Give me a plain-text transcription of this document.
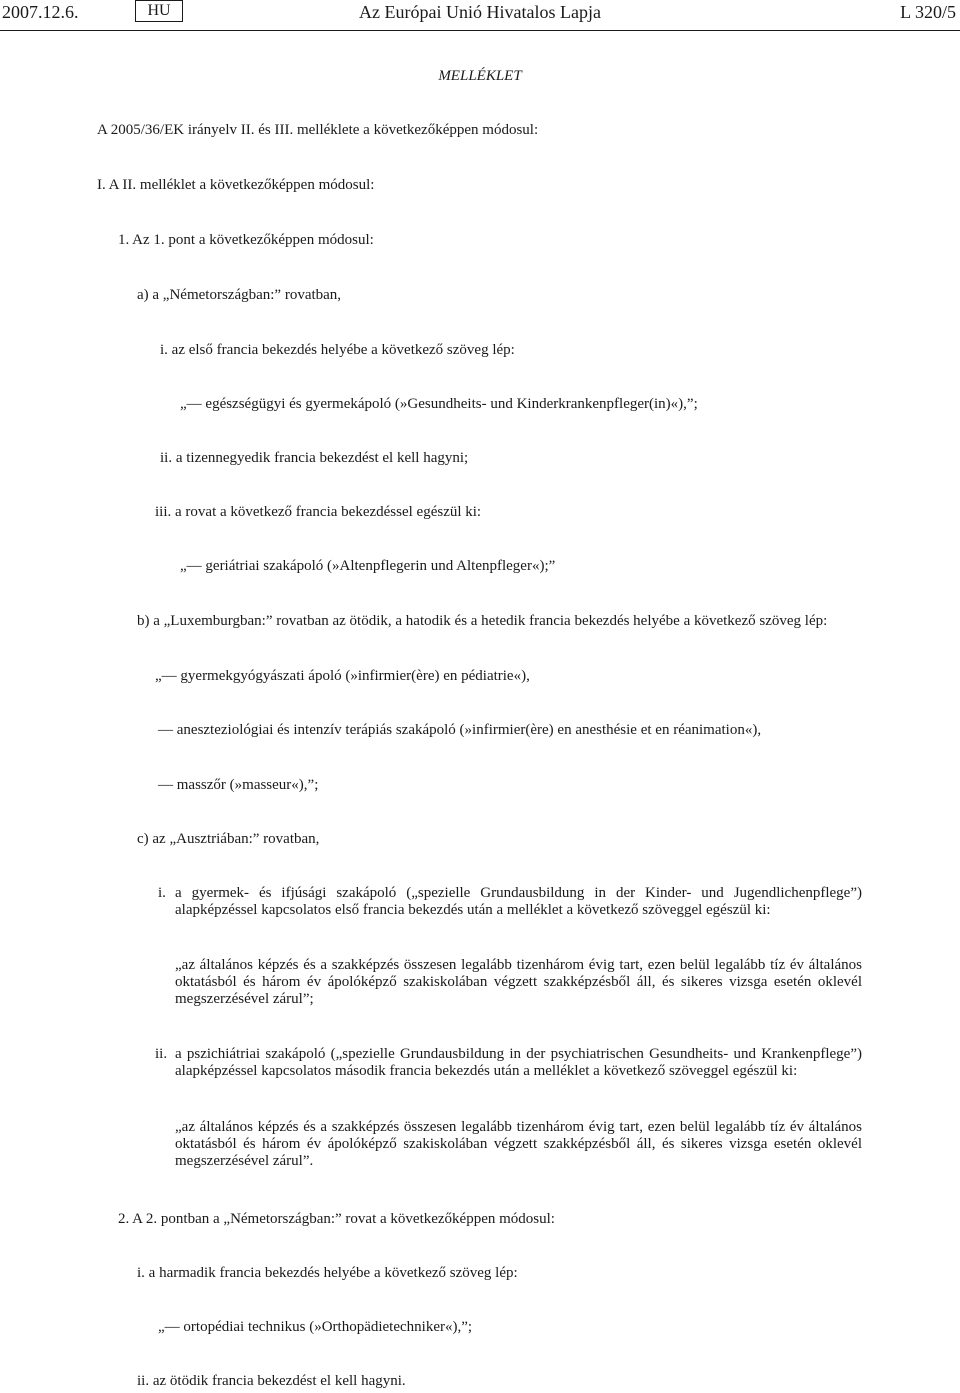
2007.12.6.	HU	Az Európai Unió Hivatalos Lapja	L 320/5
MELLÉKLET
A 2005/36/EK irányelv II. és III. melléklete a következőképpen módosul:
I. A II. melléklet a következőképpen módosul:
1. Az 1. pont a következőképpen módosul:
a) a „Németországban:” rovatban,
i. az első francia bekezdés helyébe a következő szöveg lép:
„— egészségügyi és gyermekápoló (»Gesundheits- und Kinderkrankenpfleger(in)«),”;
ii. a tizennegyedik francia bekezdést el kell hagyni;
iii. a rovat a következő francia bekezdéssel egészül ki:
„— geriátriai szakápoló (»Altenpflegerin und Altenpfleger«);”
b) a „Luxemburgban:” rovatban az ötödik, a hatodik és a hetedik francia bekezdés helyébe a következő szöveg lép:
„— gyermekgyógyászati ápoló (»infirmier(ère) en pédiatrie«),
— aneszteziológiai és intenzív terápiás szakápoló (»infirmier(ère) en anesthésie et en réanimation«),
— masszőr (»masseur«),”;
c) az „Ausztriában:” rovatban,
i. a gyermek- és ifjúsági szakápoló („spezielle Grundausbildung in der Kinder- und Jugendlichenpflege”) alapképzéssel kapcsolatos első francia bekezdés után a melléklet a következő szöveggel egészül ki:
„az általános képzés és a szakképzés összesen legalább tizenhárom évig tart, ezen belül legalább tíz év általános oktatásból és három év ápolóképző szakiskolában végzett szakképzésből áll, és sikeres vizsga esetén oklevél megszerzésével zárul”;
ii. a pszichiátriai szakápoló („spezielle Grundausbildung in der psychiatrischen Gesundheits- und Krankenpflege”) alapképzéssel kapcsolatos második francia bekezdés után a melléklet a következő szöveggel egészül ki:
„az általános képzés és a szakképzés összesen legalább tizenhárom évig tart, ezen belül legalább tíz év általános oktatásból és három év ápolóképző szakiskolában végzett szakképzésből áll, és sikeres vizsga esetén oklevél megszerzésével zárul”.
2. A 2. pontban a „Németországban:” rovat a következőképpen módosul:
i. a harmadik francia bekezdés helyébe a következő szöveg lép:
„— ortopédiai technikus (»Orthopädietechniker«),”;
ii. az ötödik francia bekezdést el kell hagyni.
